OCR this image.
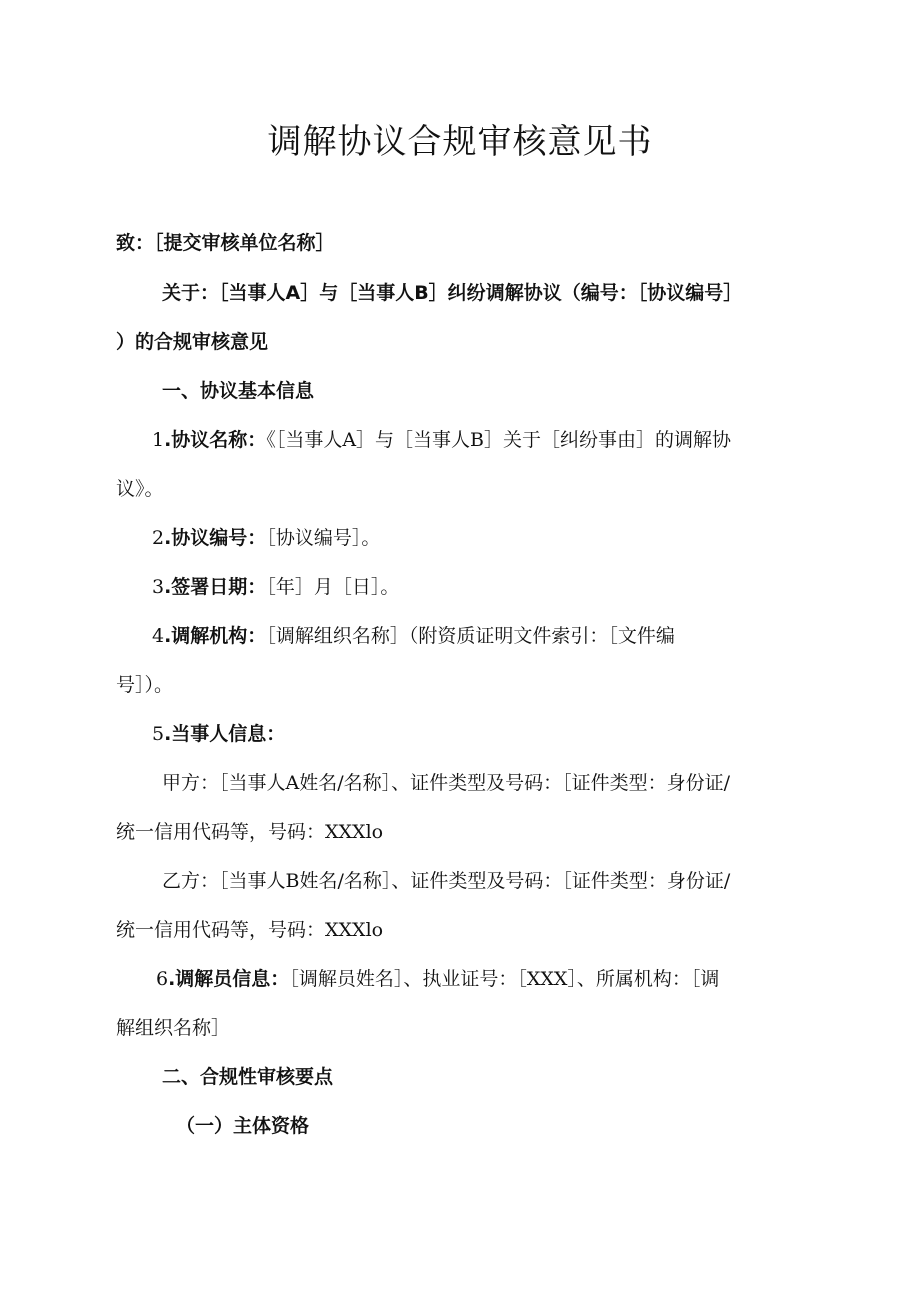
调解协议合规审核意见书

致：［提交审核单位名称］

关于：［当事人A］与［当事人B］纠纷调解协议（编号：［协议编号］

）的合规审核意见

一、协议基本信息

1.协议名称：《［当事人A］与［当事人B］关于［纠纷事由］的调解协

议》。

2.协议编号：［协议编号］。

3.签署日期：［年］月［日］。

4.调解机构：［调解组织名称］（附资质证明文件索引：［文件编

号］）。

5.当事人信息：

甲方：［当事人A姓名/名称］、证件类型及号码：［证件类型：身份证/

统一信用代码等，号码：XXXlo

乙方：［当事人B姓名/名称］、证件类型及号码：［证件类型：身份证/

统一信用代码等，号码：XXXlo

6.调解员信息：［调解员姓名］、执业证号：［XXX］、所属机构：［调

解组织名称］

二、合规性审核要点

（一）主体资格
